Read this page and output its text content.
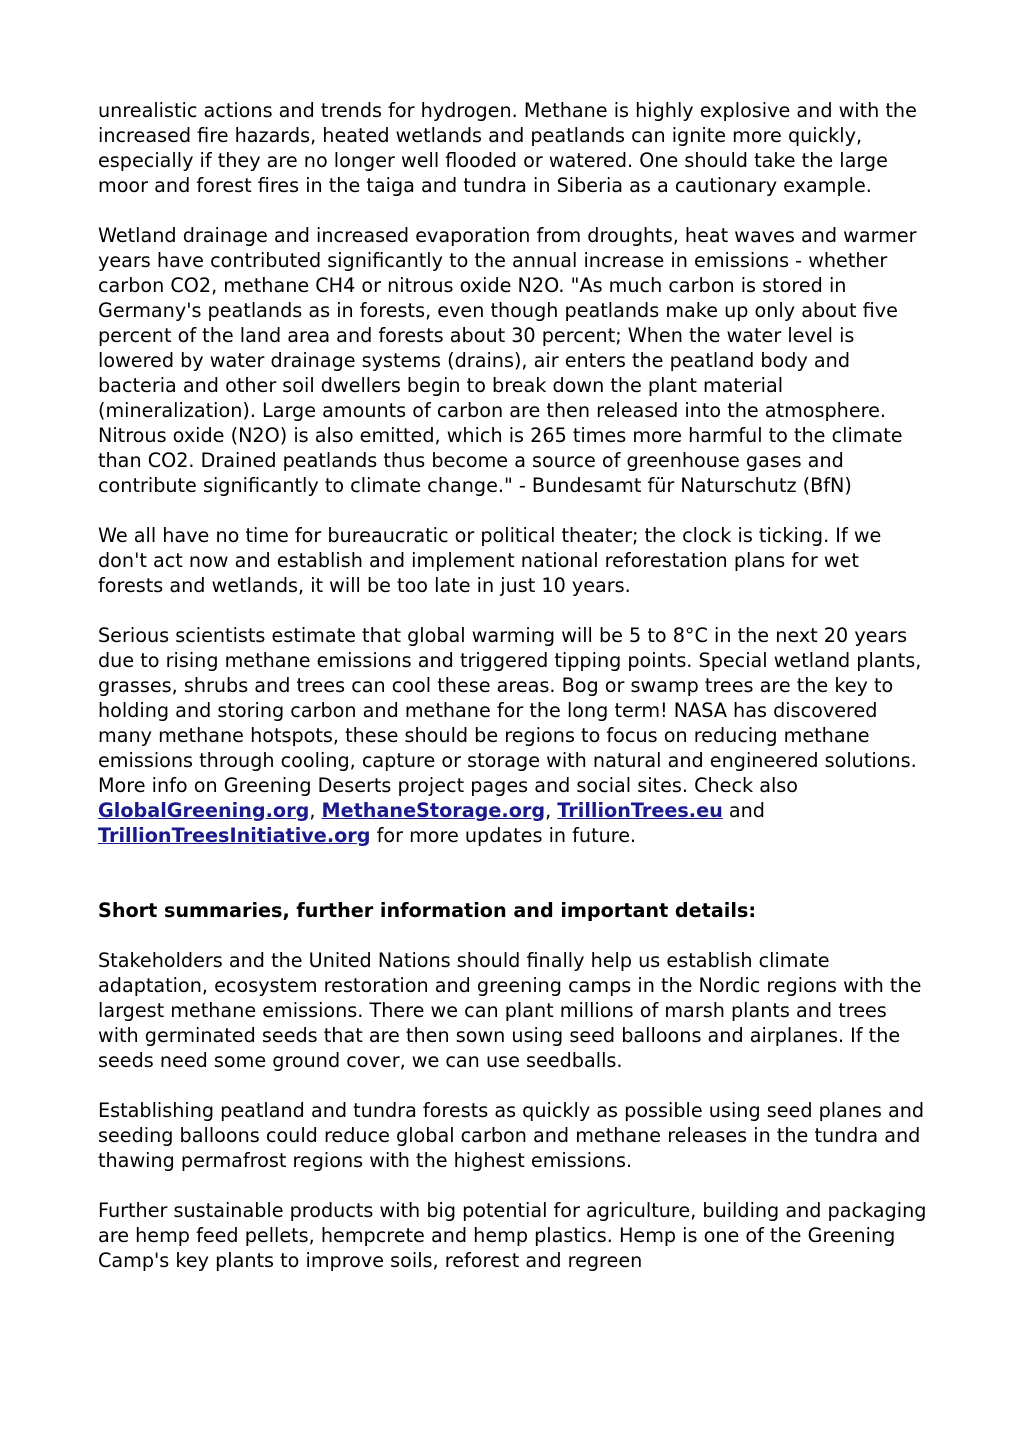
unrealistic actions and trends for hydrogen. Methane is highly explosive and with the increased fire hazards, heated wetlands and peatlands can ignite more quickly, especially if they are no longer well flooded or watered. One should take the large moor and forest fires in the taiga and tundra in Siberia as a cautionary example.

Wetland drainage and increased evaporation from droughts, heat waves and warmer years have contributed significantly to the annual increase in emissions - whether carbon CO2, methane CH4 or nitrous oxide N2O. "As much carbon is stored in Germany's peatlands as in forests, even though peatlands make up only about five percent of the land area and forests about 30 percent; When the water level is lowered by water drainage systems (drains), air enters the peatland body and bacteria and other soil dwellers begin to break down the plant material (mineralization). Large amounts of carbon are then released into the atmosphere. Nitrous oxide (N2O) is also emitted, which is 265 times more harmful to the climate than CO2. Drained peatlands thus become a source of greenhouse gases and contribute significantly to climate change." - Bundesamt für Naturschutz (BfN)

We all have no time for bureaucratic or political theater; the clock is ticking. If we don't act now and establish and implement national reforestation plans for wet forests and wetlands, it will be too late in just 10 years.

Serious scientists estimate that global warming will be 5 to 8°C in the next 20 years due to rising methane emissions and triggered tipping points. Special wetland plants, grasses, shrubs and trees can cool these areas. Bog or swamp trees are the key to holding and storing carbon and methane for the long term! NASA has discovered many methane hotspots, these should be regions to focus on reducing methane emissions through cooling, capture or storage with natural and engineered solutions. More info on Greening Deserts project pages and social sites. Check also GlobalGreening.org, MethaneStorage.org, TrillionTrees.eu and TrillionTreesInitiative.org for more updates in future.

Short summaries, further information and important details:

Stakeholders and the United Nations should finally help us establish climate adaptation, ecosystem restoration and greening camps in the Nordic regions with the largest methane emissions. There we can plant millions of marsh plants and trees with germinated seeds that are then sown using seed balloons and airplanes. If the seeds need some ground cover, we can use seedballs.

Establishing peatland and tundra forests as quickly as possible using seed planes and seeding balloons could reduce global carbon and methane releases in the tundra and thawing permafrost regions with the highest emissions.

Further sustainable products with big potential for agriculture, building and packaging are hemp feed pellets, hempcrete and hemp plastics. Hemp is one of the Greening Camp's key plants to improve soils, reforest and regreen
